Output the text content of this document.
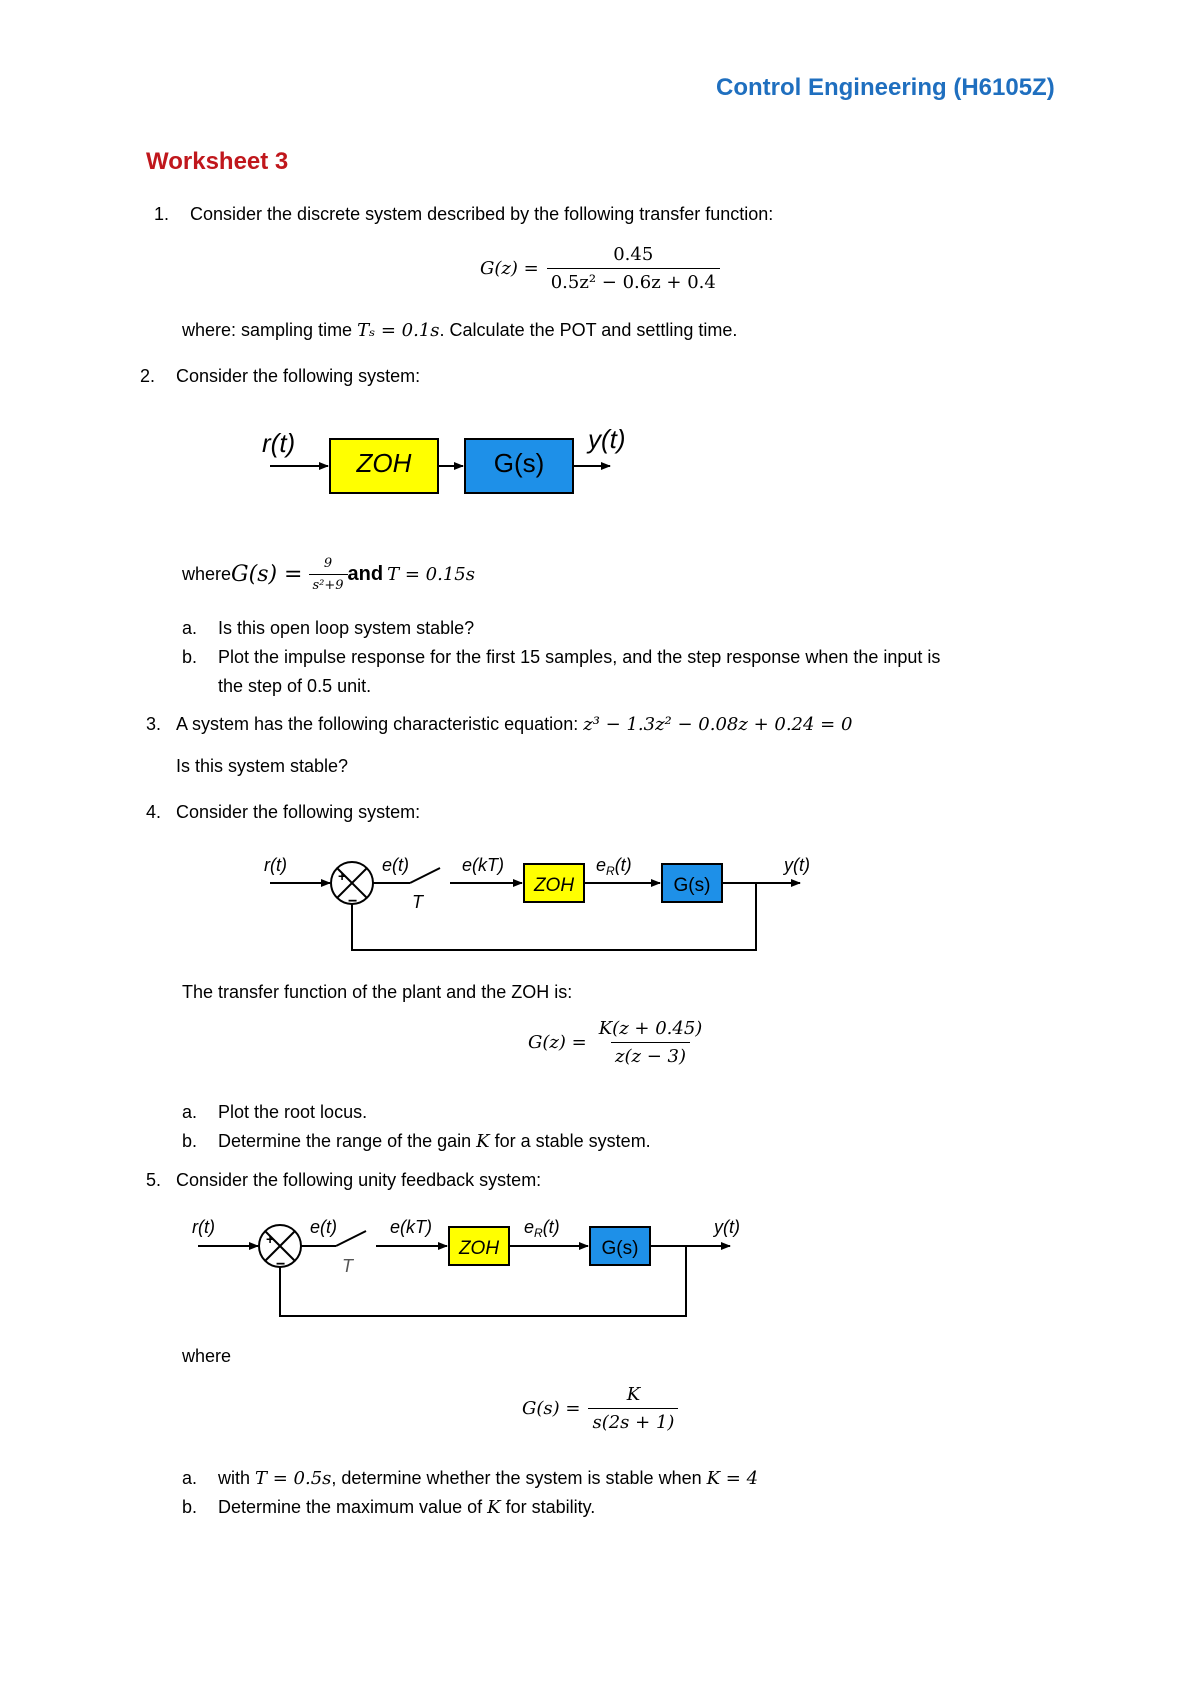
Control Engineering (H6105Z)
Worksheet 3
1. Consider the discrete system described by the following transfer function:
$G(z) = \frac{0.45}{\text{0.5z² − 0.6z + 0.4}}$
where: sampling time Tₛ = 0.1s. Calculate the POT and settling time.
2. Consider the following system:
r(t)
ZOH	G(s)
y(t)
+
−
r(t)	e(t)
T
e(kT)
ZOH
$e_R(t)$
G(s)
y(t)
+
−
r(t)	e(t)
T
e(kT)
ZOH
$e_R(t)$
G(s)
y(t)
where $G(s) = \frac{9}{\text{s²+9}}$ and T = 0.15s
a. Is this open loop system stable?
b. Plot the impulse response for the first 15 samples, and the step response when the input is
the step of 0.5 unit.
3. A system has the following characteristic equation: z³ − 1.3z² − 0.08z + 0.24 = 0
Is this system stable?
4. Consider the following system:
The transfer function of the plant and the ZOH is:
$G(z) = \frac{K(z + 0.45)}{z(z - 3)}$
a. Plot the root locus.
b. Determine the range of the gain K for a stable system.
5. Consider the following unity feedback system:
where
$G(s) = \frac{K}{s(2s + 1)}$
a. with T = 0.5s, determine whether the system is stable when K = 4
b. Determine the maximum value of K for stability.
